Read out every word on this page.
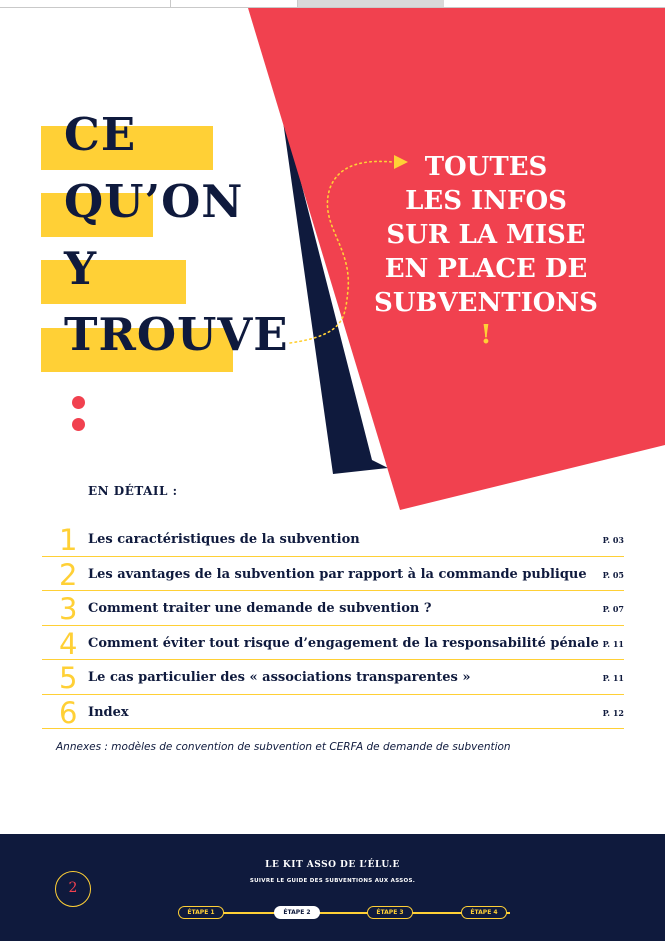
CE
QU’ON
Y
TROUVE
TOUTES
LES INFOS
SUR LA MISE
EN PLACE DE
SUBVENTIONS
!
EN DÉTAIL :
1 Les caractéristiques de la subvention	P. 03
2 Les avantages de la subvention par rapport à la commande publique P. 05
3 Comment traiter une demande de subvention ?	P. 07
4 Comment éviter tout risque d’engagement de la responsabilité pénale P. 11
5 Le cas particulier des « associations transparentes »	P. 11
6 Index	P. 12
Annexes : modèles de convention de subvention et CERFA de demande de subvention
2
LE KIT ASSO DE L’ÉLU.E
SUIVRE LE GUIDE DES SUBVENTIONS AUX ASSOS.
ÉTAPE 1	ÉTAPE 2	ÉTAPE 3	ÉTAPE 4
